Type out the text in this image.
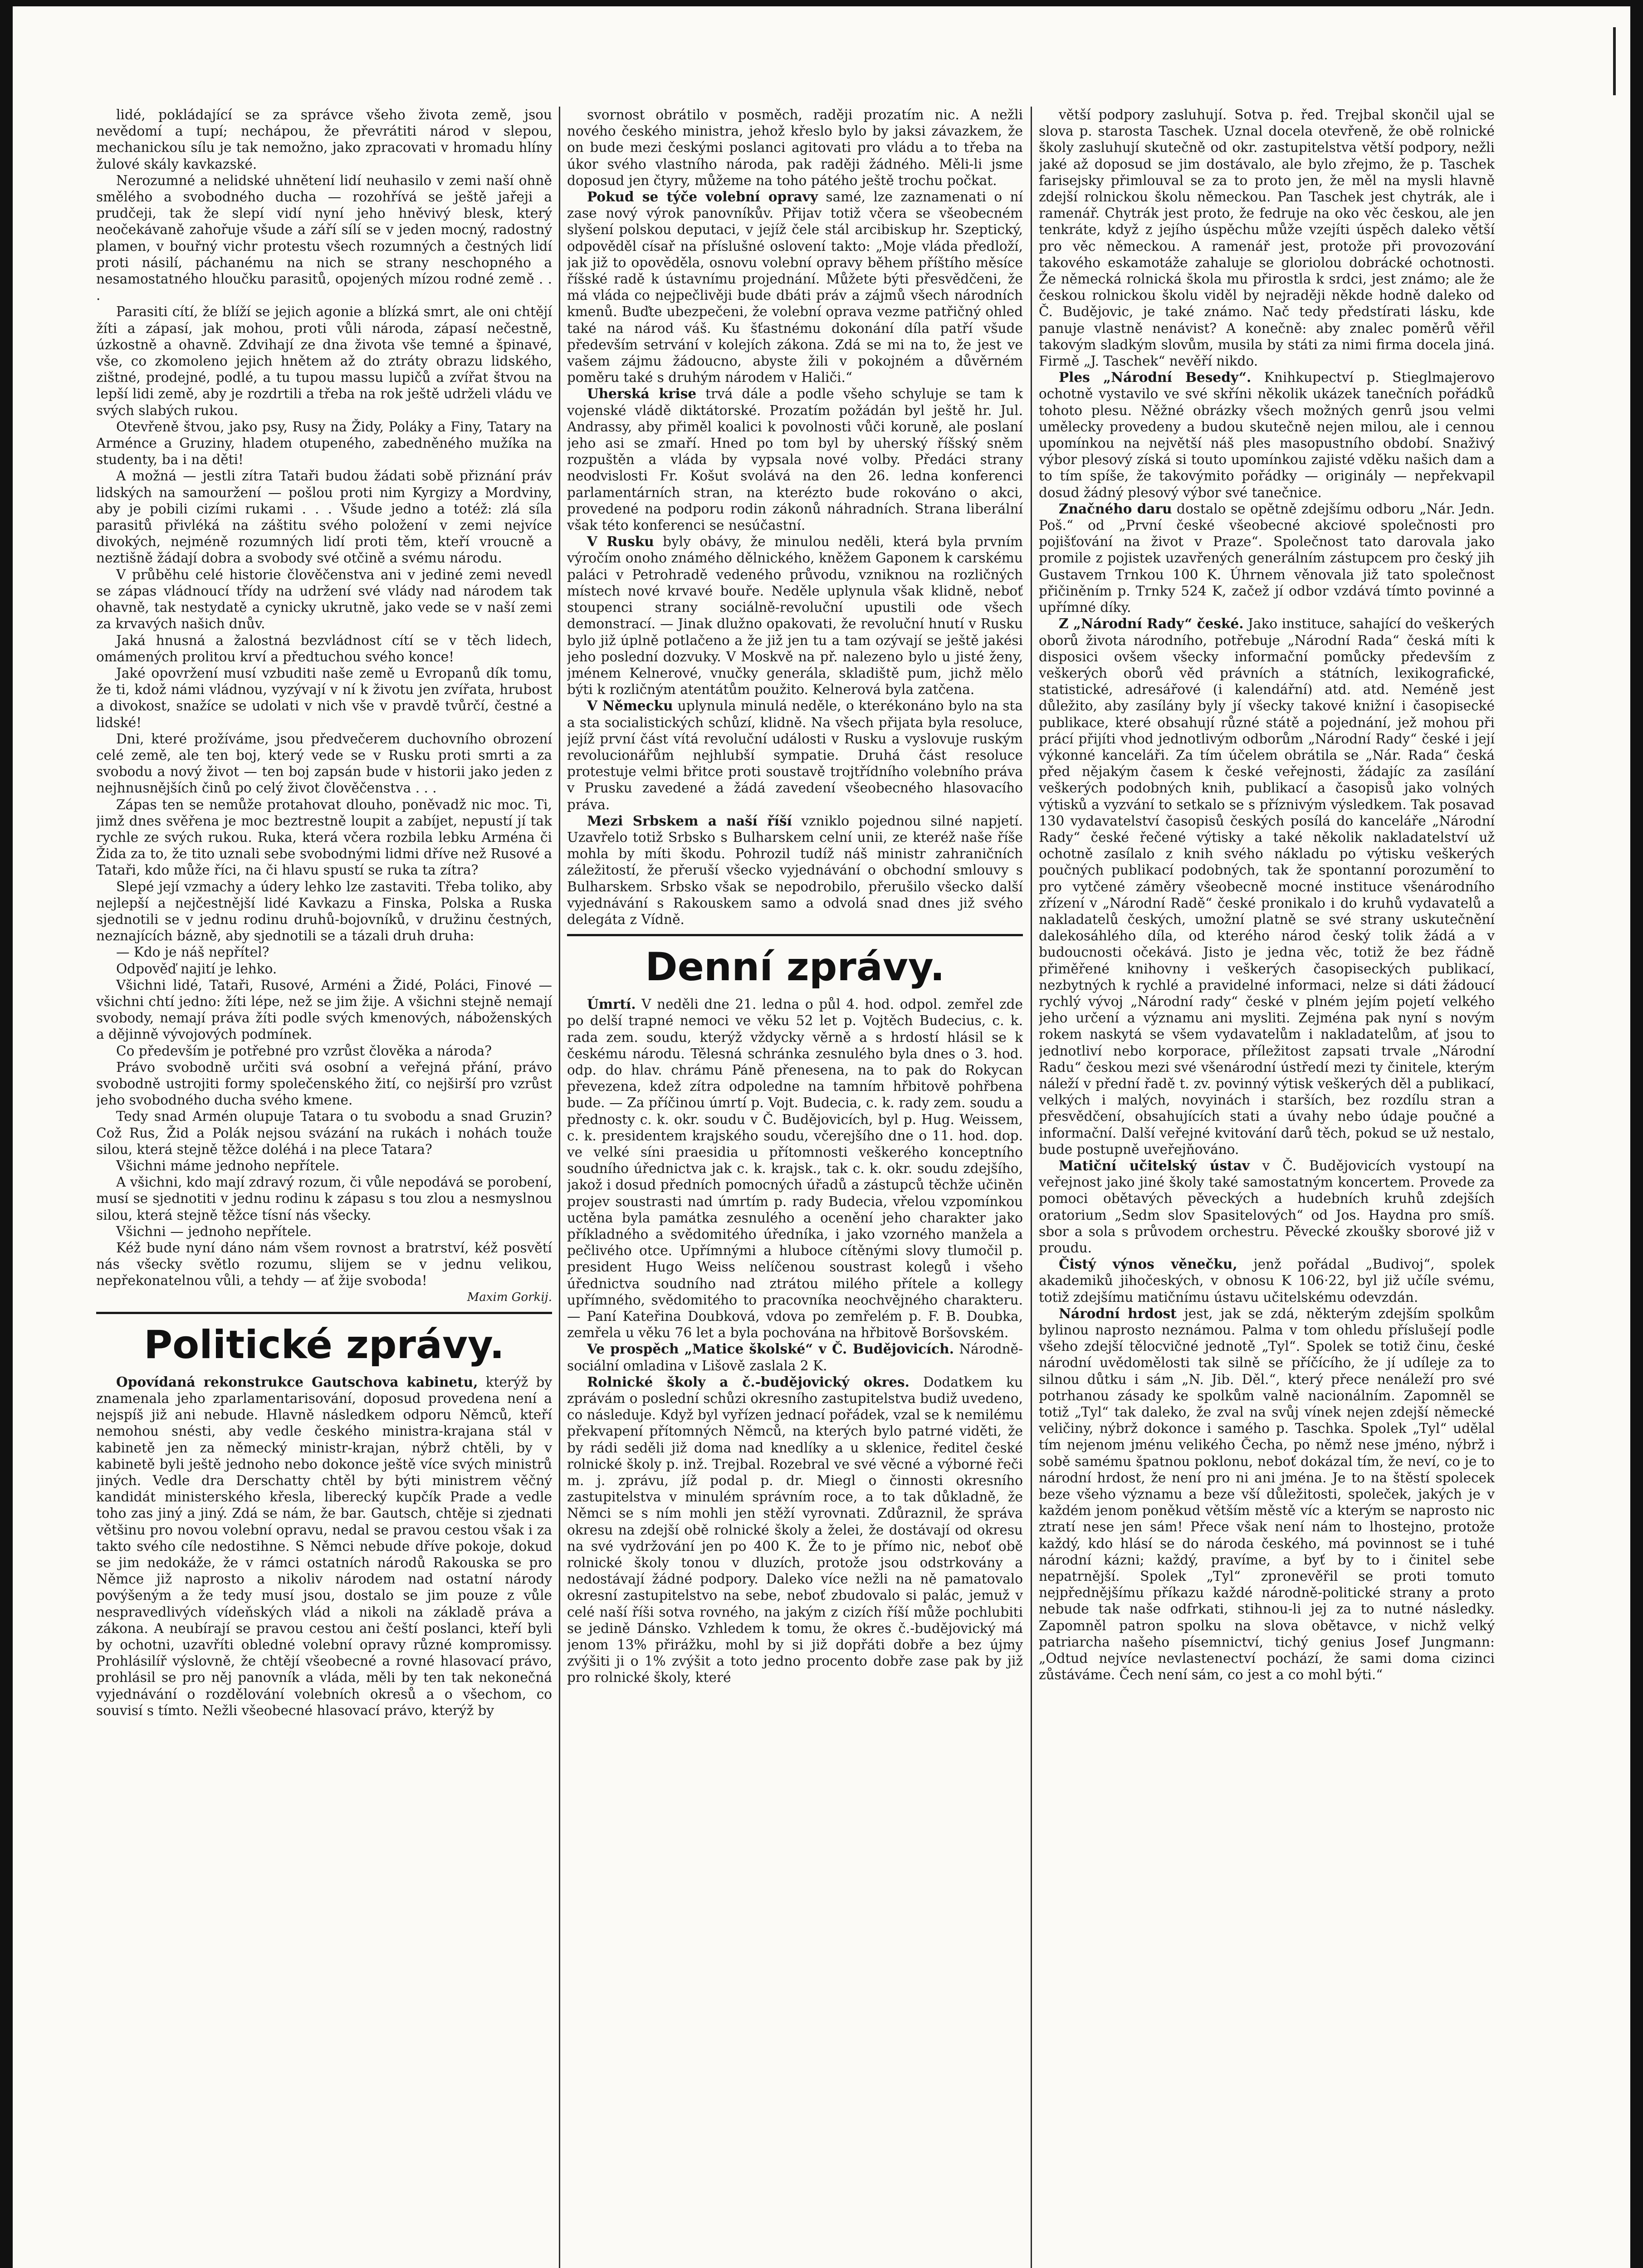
lidé, pokládající se za správce všeho života země, jsou nevědomí a tupí; nechápou, že převrátiti národ v slepou, mechanickou sílu je tak nemožno, jako zpracovati v hromadu hlíny žulové skály kavkazské.

Nerozumné a nelidské uhnětení lidí neuhasilo v zemi naší ohně smělého a svobodného ducha — rozohřívá se ještě jařeji a prudčeji, tak že slepí vidí nyní jeho hněvivý blesk, který neočekávaně zahořuje všude a září sílí se v jeden mocný, radostný plamen, v bouřný vichr protestu všech rozumných a čestných lidí proti násilí, páchanému na nich se strany neschopného a nesamostatného hloučku parasitů, opojených mízou rodné země . . .

Parasiti cítí, že blíží se jejich agonie a blízká smrt, ale oni chtějí žíti a zápasí, jak mohou, proti vůli národa, zápasí nečestně, úzkostně a ohavně. Zdvihají ze dna života vše temné a špinavé, vše, co zkomoleno jejich hnětem až do ztráty obrazu lidského, zištné, prodejné, podlé, a tu tupou massu lupičů a zvířat štvou na lepší lidi země, aby je rozdrtili a třeba na rok ještě udrželi vládu ve svých slabých rukou.

Otevřeně štvou, jako psy, Rusy na Židy, Poláky a Finy, Tatary na Arménce a Gruziny, hladem otupeného, zabedněného mužíka na studenty, ba i na děti!

A možná — jestli zítra Tataři budou žádati sobě přiznání práv lidských na samouržení — pošlou proti nim Kyrgizy a Mordviny, aby je pobili cizími rukami . . . Všude jedno a totéž: zlá síla parasitů přivléká na záštitu svého položení v zemi nejvíce divokých, nejméně rozumných lidí proti těm, kteří vroucně a neztišně žádají dobra a svobody své otčině a svému národu.

V průběhu celé historie člověčenstva ani v jediné zemi nevedl se zápas vládnoucí třídy na udržení své vlády nad národem tak ohavně, tak nestydatě a cynicky ukrutně, jako vede se v naší zemi za krvavých našich dnův.

Jaká hnusná a žalostná bezvládnost cítí se v těch lidech, omámených prolitou krví a předtuchou svého konce!

Jaké opovržení musí vzbuditi naše země u Evropanů dík tomu, že ti, kdož námi vládnou, vyzývají v ní k životu jen zvířata, hrubost a divokost, snažíce se udolati v nich vše v pravdě tvůrčí, čestné a lidské!

Dni, které prožíváme, jsou předvečerem duchovního obrození celé země, ale ten boj, který vede se v Rusku proti smrti a za svobodu a nový život — ten boj zapsán bude v historii jako jeden z nejhnusnějších činů po celý život člověčenstva . . .

Zápas ten se nemůže protahovat dlouho, poněvadž nic moc. Ti, jimž dnes svěřena je moc beztrestně loupit a zabíjet, nepustí jí tak rychle ze svých rukou. Ruka, která včera rozbila lebku Arména či Žida za to, že tito uznali sebe svobodnými lidmi dříve než Rusové a Tataři, kdo může říci, na či hlavu spustí se ruka ta zítra?

Slepé její vzmachy a údery lehko lze zastaviti. Třeba toliko, aby nejlepší a nejčestnější lidé Kavkazu a Finska, Polska a Ruska sjednotili se v jednu rodinu druhů-bojovníků, v družinu čestných, neznajících bázně, aby sjednotili se a tázali druh druha:

— Kdo je náš nepřítel?

Odpověď najití je lehko.

Všichni lidé, Tataři, Rusové, Arméni a Židé, Poláci, Finové — všichni chtí jedno: žíti lépe, než se jim žije. A všichni stejně nemají svobody, nemají práva žíti podle svých kmenových, náboženských a dějinně vývojových podmínek.

Co především je potřebné pro vzrůst člověka a národa?

Právo svobodně určiti svá osobní a veřejná přání, právo svobodně ustrojiti formy společenského žití, co nejširší pro vzrůst jeho svobodného ducha svého kmene.

Tedy snad Armén olupuje Tatara o tu svobodu a snad Gruzin? Což Rus, Žid a Polák nejsou svázání na rukách i nohách touže silou, která stejně těžce doléhá i na plece Tatara?

Všichni máme jednoho nepřítele.

A všichni, kdo mají zdravý rozum, či vůle nepodává se porobení, musí se sjednotiti v jednu rodinu k zápasu s tou zlou a nesmyslnou silou, která stejně těžce tísní nás všecky.

Všichni — jednoho nepřítele.

Kéž bude nyní dáno nám všem rovnost a bratrství, kéž posvětí nás všecky světlo rozumu, slijem se v jednu velikou, nepřekonatelnou vůli, a tehdy — ať žije svoboda!

Maxim Gorkij.

Politické zprávy.

Opovídaná rekonstrukce Gautschova kabinetu, kterýž by znamenala jeho zparlamentarisování, doposud provedena není a nejspíš již ani nebude. Hlavně následkem odporu Němců, kteří nemohou snésti, aby vedle českého ministra-krajana stál v kabinetě jen za německý ministr-krajan, nýbrž chtěli, by v kabinetě byli ještě jednoho nebo dokonce ještě více svých ministrů jiných. Vedle dra Derschatty chtěl by býti ministrem věčný kandidát ministerského křesla, liberecký kupčík Prade a vedle toho zas jiný a jiný. Zdá se nám, že bar. Gautsch, chtěje si zjednati většinu pro novou volební opravu, nedal se pravou cestou však i za takto svého cíle nedostihne. S Němci nebude dříve pokoje, dokud se jim nedokáže, že v rámci ostatních národů Rakouska se pro Němce již naprosto a nikoliv národem nad ostatní národy povýšeným a že tedy musí jsou, dostalo se jim pouze z vůle nespravedlivých vídeňských vlád a nikoli na základě práva a zákona. A neubírají se pravou cestou ani čeští poslanci, kteří byli by ochotni, uzavříti obledné volební opravy různé kompromissy. Prohlásilíř výslovně, že chtějí všeobecné a rovné hlasovací právo, prohlásil se pro něj panovník a vláda, měli by ten tak nekonečná vyjednávání o rozdělování volebních okresů a o všechom, co souvisí s tímto. Nežli všeobecné hlasovací právo, kterýž by

svornost obrátilo v posměch, raději prozatím nic. A nežli nového českého ministra, jehož křeslo bylo by jaksi závazkem, že on bude mezi českými poslanci agitovati pro vládu a to třeba na úkor svého vlastního národa, pak raději žádného. Měli-li jsme doposud jen čtyry, můžeme na toho pátého ještě trochu počkat.

Pokud se týče volební opravy samé, lze zaznamenati o ní zase nový výrok panovníkův. Přijav totiž včera se všeobecném slyšení polskou deputaci, v jejíž čele stál arcibiskup hr. Szeptický, odpověděl císař na příslušné oslovení takto: „Moje vláda předloží, jak již to opověděla, osnovu volební opravy během příštího měsíce říšské radě k ústavnímu projednání. Můžete býti přesvědčeni, že má vláda co nejpečlivěji bude dbáti práv a zájmů všech národních kmenů. Buďte ubezpečeni, že volební oprava vezme patřičný ohled také na národ váš. Ku šťastnému dokonání díla patří všude především setrvání v kolejích zákona. Zdá se mi na to, že jest ve vašem zájmu žádoucno, abyste žili v pokojném a důvěrném poměru také s druhým národem v Haliči.“

Uherská krise trvá dále a podle všeho schyluje se tam k vojenské vládě diktátorské. Prozatím požádán byl ještě hr. Jul. Andrassy, aby přiměl koalici k povolnosti vůči koruně, ale poslaní jeho asi se zmaří. Hned po tom byl by uherský říšský sněm rozpuštěn a vláda by vypsala nové volby. Předáci strany neodvislosti Fr. Košut svolává na den 26. ledna konferenci parlamentárních stran, na kterézto bude rokováno o akci, provedené na podporu rodin zákonů náhradních. Strana liberální však této konferenci se nesúčastní.

V Rusku byly obávy, že minulou neděli, která byla prvním výročím onoho známého dělnického, kněžem Gaponem k carskému paláci v Petrohradě vedeného průvodu, vzniknou na rozličných místech nové krvavé bouře. Neděle uplynula však klidně, neboť stoupenci strany sociálně-revoluční upustili ode všech demonstrací. — Jinak dlužno opakovati, že revoluční hnutí v Rusku bylo již úplně potlačeno a že již jen tu a tam ozývají se ještě jakési jeho poslední dozvuky. V Moskvě na př. nalezeno bylo u jisté ženy, jménem Kelnerové, vnučky generála, skladiště pum, jichž mělo býti k rozličným atentátům použito. Kelnerová byla zatčena.

V Německu uplynula minulá neděle, o kterékonáno bylo na sta a sta socialistických schůzí, klidně. Na všech přijata byla resoluce, jejíž první část vítá revoluční události v Rusku a vyslovuje ruským revolucionářům nejhlubší sympatie. Druhá část resoluce protestuje velmi břitce proti soustavě trojtřídního volebního práva v Prusku zavedené a žádá zavedení všeobecného hlasovacího práva.

Mezi Srbskem a naší říší vzniklo pojednou silné napjetí. Uzavřelo totiž Srbsko s Bulharskem celní unii, ze kteréž naše říše mohla by míti škodu. Pohrozil tudíž náš ministr zahraničních záležitostí, že přeruší všecko vyjednávání o obchodní smlouvy s Bulharskem. Srbsko však se nepodrobilo, přerušilo všecko další vyjednávání s Rakouskem samo a odvolá snad dnes již svého delegáta z Vídně.

Denní zprávy.

Úmrtí. V neděli dne 21. ledna o půl 4. hod. odpol. zemřel zde po delší trapné nemoci ve věku 52 let p. Vojtěch Budecius, c. k. rada zem. soudu, kterýž vždycky věrně a s hrdostí hlásil se k českému národu. Tělesná schránka zesnulého byla dnes o 3. hod. odp. do hlav. chrámu Páně přenesena, na to pak do Rokycan převezena, kdež zítra odpoledne na tamním hřbitově pohřbena bude. — Za příčinou úmrtí p. Vojt. Budecia, c. k. rady zem. soudu a přednosty c. k. okr. soudu v Č. Budějovicích, byl p. Hug. Weissem, c. k. presidentem krajského soudu, včerejšího dne o 11. hod. dop. ve velké síni praesidia u přítomnosti veškerého konceptního soudního úřednictva jak c. k. krajsk., tak c. k. okr. soudu zdejšího, jakož i dosud předních pomocných úřadů a zástupců těchže učiněn projev soustrasti nad úmrtím p. rady Budecia, vřelou vzpomínkou uctěna byla památka zesnulého a ocenění jeho charakter jako příkladného a svědomitého úředníka, i jako vzorného manžela a pečlivého otce. Upřímnými a hluboce cítěnými slovy tlumočil p. president Hugo Weiss nelíčenou soustrast kolegů i všeho úřednictva soudního nad ztrátou milého přítele a kollegy upřímného, svědomitého to pracovníka neochvějného charakteru. — Paní Kateřina Doubková, vdova po zemřelém p. F. B. Doubka, zemřela u věku 76 let a byla pochována na hřbitově Boršovském.

Ve prospěch „Matice školské“ v Č. Budějovicích. Národně-sociální omladina v Lišově zaslala 2 K.

Rolnické školy a č.-budějovický okres. Dodatkem ku zprávám o poslední schůzi okresního zastupitelstva budiž uvedeno, co následuje. Když byl vyřízen jednací pořádek, vzal se k nemilému překvapení přítomných Němců, na kterých bylo patrné viděti, že by rádi seděli již doma nad knedlíky a u sklenice, ředitel české rolnické školy p. inž. Trejbal. Rozebral ve své věcné a výborné řeči m. j. zprávu, jíž podal p. dr. Miegl o činnosti okresního zastupitelstva v minulém správním roce, a to tak důkladně, že Němci se s ním mohli jen stěží vyrovnati. Zdůraznil, že správa okresu na zdejší obě rolnické školy a želei, že dostávají od okresu na své vydržování jen po 400 K. Že to je přímo nic, neboť obě rolnické školy tonou v dluzích, protože jsou odstrkovány a nedostávají žádné podpory. Daleko více nežli na ně pamatovalo okresní zastupitelstvo na sebe, neboť zbudovalo si palác, jemuž v celé naší říši sotva rovného, na jakým z cizích říší může pochlubiti se jedině Dánsko. Vzhledem k tomu, že okres č.-budějovický má jenom 13% přirážku, mohl by si již dopřáti dobře a bez újmy zvýšiti ji o 1% zvýšit a toto jedno procento dobře zase pak by již pro rolnické školy, které

větší podpory zasluhují. Sotva p. řed. Trejbal skončil ujal se slova p. starosta Taschek. Uznal docela otevřeně, že obě rolnické školy zasluhují skutečně od okr. zastupitelstva větší podpory, nežli jaké až doposud se jim dostávalo, ale bylo zřejmo, že p. Taschek farisejsky přimlouval se za to proto jen, že měl na mysli hlavně zdejší rolnickou školu německou. Pan Taschek jest chytrák, ale i ramenář. Chytrák jest proto, že fedruje na oko věc českou, ale jen tenkráte, když z jejího úspěchu může vzejíti úspěch daleko větší pro věc německou. A ramenář jest, protože při provozování takového eskamotáže zahaluje se gloriolou dobrácké ochotnosti. Že německá rolnická škola mu přirostla k srdci, jest známo; ale že českou rolnickou školu viděl by nejraději někde hodně daleko od Č. Budějovic, je také známo. Nač tedy předstírati lásku, kde panuje vlastně nenávist? A konečně: aby znalec poměrů věřil takovým sladkým slovům, musila by státi za nimi firma docela jiná. Firmě „J. Taschek“ nevěří nikdo.

Ples „Národní Besedy“. Knihkupectví p. Stieglmajerovo ochotně vystavilo ve své skříni několik ukázek tanečních pořádků tohoto plesu. Něžné obrázky všech možných genrů jsou velmi umělecky provedeny a budou skutečně nejen milou, ale i cennou upomínkou na největší náš ples masopustního období. Snaživý výbor plesový získá si touto upomínkou zajisté vděku našich dam a to tím spíše, že takovýmito pořádky — originály — nepřekvapil dosud žádný plesový výbor své tanečnice.

Značného daru dostalo se opětně zdejšímu odboru „Nár. Jedn. Poš.“ od „První české všeobecné akciové společnosti pro pojišťování na život v Praze“. Společnost tato darovala jako promile z pojistek uzavřených generálním zástupcem pro český jih Gustavem Trnkou 100 K. Úhrnem věnovala již tato společnost přičiněním p. Trnky 524 K, začež jí odbor vzdává tímto povinné a upřímné díky.

Z „Národní Rady“ české. Jako instituce, sahající do veškerých oborů života národního, potřebuje „Národní Rada“ česká míti k disposici ovšem všecky informační pomůcky především z veškerých oborů věd právních a státních, lexikografické, statistické, adresářové (i kalendářní) atd. atd. Neméně jest důležito, aby zasílány byly jí všecky takové knižní i časopisecké publikace, které obsahují různé státě a pojednání, jež mohou při prácí přijíti vhod jednotlivým odborům „Národní Rady“ české i její výkonné kanceláři. Za tím účelem obrátila se „Nár. Rada“ česká před nějakým časem k české veřejnosti, žádajíc za zasílání veškerých podobných knih, publikací a časopisů jako volných výtisků a vyzvání to setkalo se s příznivým výsledkem. Tak posavad 130 vydavatelství časopisů českých posílá do kanceláře „Národní Rady“ české řečené výtisky a také několik nakladatelství už ochotně zasílalo z knih svého nákladu po výtisku veškerých poučných publikací podobných, tak že spontanní porozumění to pro vytčené záměry všeobecně mocné instituce všenárodního zřízení v „Národní Radě“ české pronikalo i do kruhů vydavatelů a nakladatelů českých, umožní platně se své strany uskutečnění dalekosáhlého díla, od kterého národ český tolik žádá a v budoucnosti očekává. Jisto je jedna věc, totiž že bez řádně přiměřené knihovny i veškerých časopiseckých publikací, nezbytných k rychlé a pravidelné informaci, nelze si dáti žádoucí rychlý vývoj „Národní rady“ české v plném jejím pojetí velkého jeho určení a významu ani mysliti. Zejména pak nyní s novým rokem naskytá se všem vydavatelům i nakladatelům, ať jsou to jednotliví nebo korporace, příležitost zapsati trvale „Národní Radu“ českou mezi své všenárodní ústředí mezi ty činitele, kterým náleží v přední řadě t. zv. povinný výtisk veškerých děl a publikací, velkých i malých, novyinách i starších, bez rozdílu stran a přesvědčení, obsahujících stati a úvahy nebo údaje poučné a informační. Další veřejné kvitování darů těch, pokud se už nestalo, bude postupně uveřejňováno.

Matiční učitelský ústav v Č. Budějovicích vystoupí na veřejnost jako jiné školy také samostatným koncertem. Provede za pomoci obětavých pěveckých a hudebních kruhů zdejších oratorium „Sedm slov Spasitelových“ od Jos. Haydna pro smíš. sbor a sola s průvodem orchestru. Pěvecké zkoušky sborové již v proudu.

Čistý výnos věnečku, jenž pořádal „Budivoj“, spolek akademiků jihočeských, v obnosu K 106·22, byl již učíle svému, totiž zdejšímu matičnímu ústavu učitelskému odevzdán.

Národní hrdost jest, jak se zdá, některým zdejším spolkům bylinou naprosto neznámou. Palma v tom ohledu příslušejí podle všeho zdejší tělocvičné jednotě „Tyl“. Spolek se totiž činu, české národní uvědomělosti tak silně se příčícího, že jí udíleje za to silnou důtku i sám „N. Jib. Děl.“, který přece nenáleží pro své potrhanou zásady ke spolkům valně nacionálním. Zapomněl se totiž „Tyl“ tak daleko, že zval na svůj vínek nejen zdejší německé veličiny, nýbrž dokonce i samého p. Taschka. Spolek „Tyl“ udělal tím nejenom jménu velikého Čecha, po němž nese jméno, nýbrž i sobě samému špatnou poklonu, neboť dokázal tím, že neví, co je to národní hrdost, že není pro ni ani jména. Je to na štěstí spolecek beze všeho významu a beze vší důležitosti, společek, jakých je v každém jenom poněkud větším městě víc a kterým se naprosto nic ztratí nese jen sám! Přece však není nám to lhostejno, protože každý, kdo hlásí se do národa českého, má povinnost se i tuhé národní kázni; každý, pravíme, a byť by to i činitel sebe nepatrnější. Spolek „Tyl“ zpronevěřil se proti tomuto nejpřednějšímu příkazu každé národně-politické strany a proto nebude tak naše odfrkati, stihnou-li jej za to nutné následky. Zapomněl patron spolku na slova obětavce, v nichž velký patriarcha našeho písemnictví, tichý genius Josef Jungmann: „Odtud nejvíce nevlastenectví pochází, že sami doma cizinci zůstáváme. Čech není sám, co jest a co mohl býti.“
